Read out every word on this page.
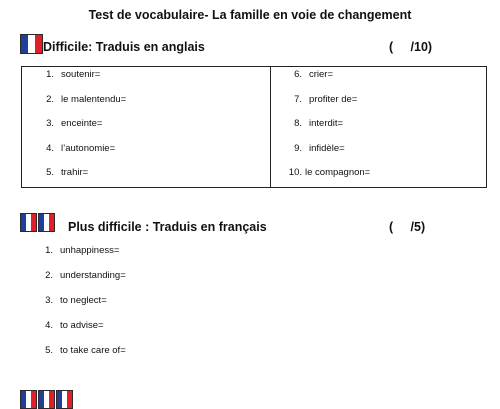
Test de vocabulaire- La famille en voie de changement
Difficile: Traduis en anglais	(     /10)
1. soutenir=
2. le malentendu=
3. enceinte=
4. l’autonomie=
5. trahir=
6. crier=
7. profiter de=
8. interdit=
9. infidèle=
10. le compagnon=
Plus difficile : Traduis en français	(     /5)
1. unhappiness=
2. understanding=
3. to neglect=
4. to advise=
5. to take care of=
